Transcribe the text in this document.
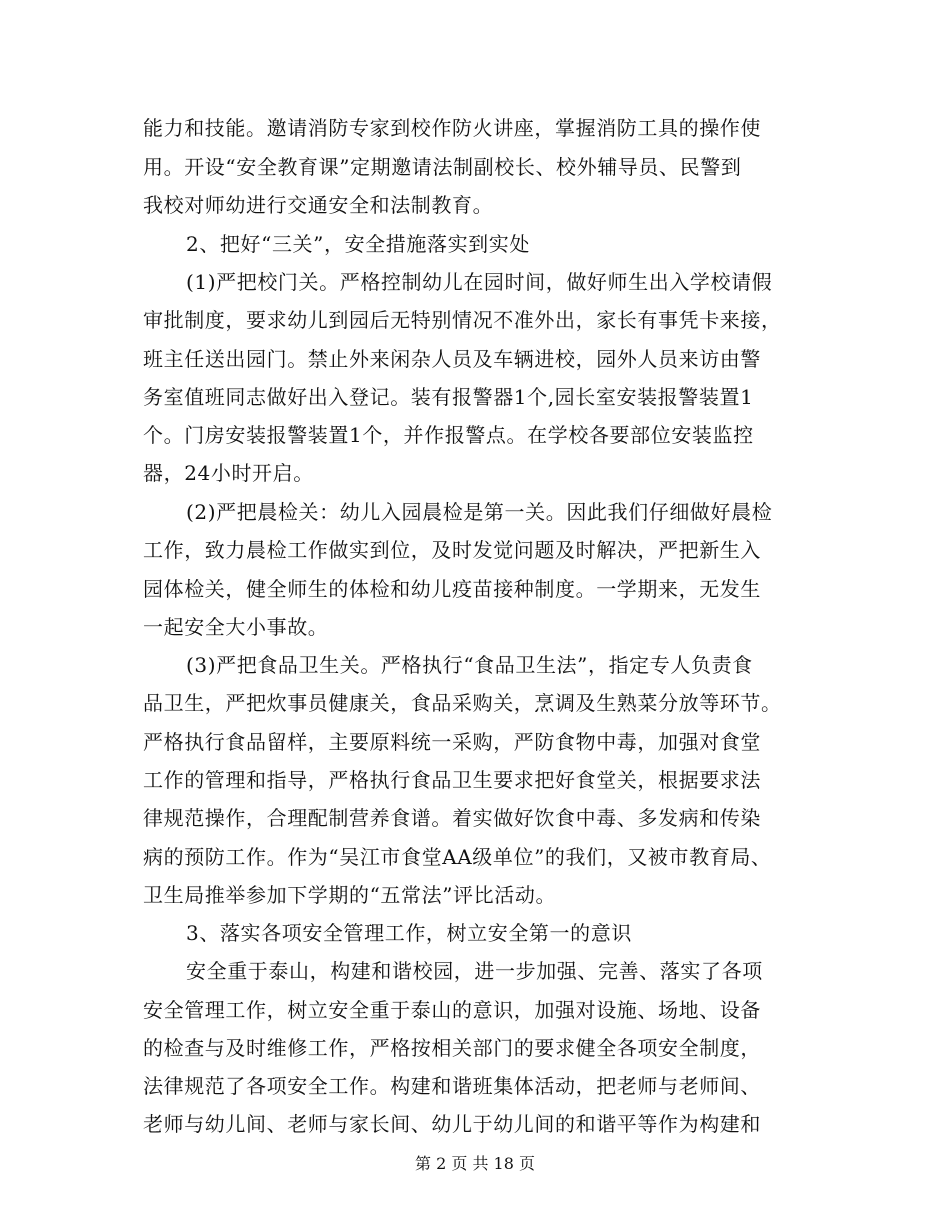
能力和技能。邀请消防专家到校作防火讲座，掌握消防工具的操作使
用。开设“安全教育课”定期邀请法制副校长、校外辅导员、民警到
我校对师幼进行交通安全和法制教育。
2、把好“三关”，安全措施落实到实处
(1)严把校门关。严格控制幼儿在园时间，做好师生出入学校请假
审批制度，要求幼儿到园后无特别情况不准外出，家长有事凭卡来接，
班主任送出园门。禁止外来闲杂人员及车辆进校，园外人员来访由警
务室值班同志做好出入登记。装有报警器1个,园长室安装报警装置1
个。门房安装报警装置1个，并作报警点。在学校各要部位安装监控
器，24小时开启。
(2)严把晨检关：幼儿入园晨检是第一关。因此我们仔细做好晨检
工作，致力晨检工作做实到位，及时发觉问题及时解决，严把新生入
园体检关，健全师生的体检和幼儿疫苗接种制度。一学期来，无发生
一起安全大小事故。
(3)严把食品卫生关。严格执行“食品卫生法”，指定专人负责食
品卫生，严把炊事员健康关，食品采购关，烹调及生熟菜分放等环节。
严格执行食品留样，主要原料统一采购，严防食物中毒，加强对食堂
工作的管理和指导，严格执行食品卫生要求把好食堂关，根据要求法
律规范操作，合理配制营养食谱。着实做好饮食中毒、多发病和传染
病的预防工作。作为“吴江市食堂AA级单位”的我们，又被市教育局、
卫生局推举参加下学期的“五常法”评比活动。
3、落实各项安全管理工作，树立安全第一的意识
安全重于泰山，构建和谐校园，进一步加强、完善、落实了各项
安全管理工作，树立安全重于泰山的意识，加强对设施、场地、设备
的检查与及时维修工作，严格按相关部门的要求健全各项安全制度，
法律规范了各项安全工作。构建和谐班集体活动，把老师与老师间、
老师与幼儿间、老师与家长间、幼儿于幼儿间的和谐平等作为构建和
第 2 页 共 18 页
